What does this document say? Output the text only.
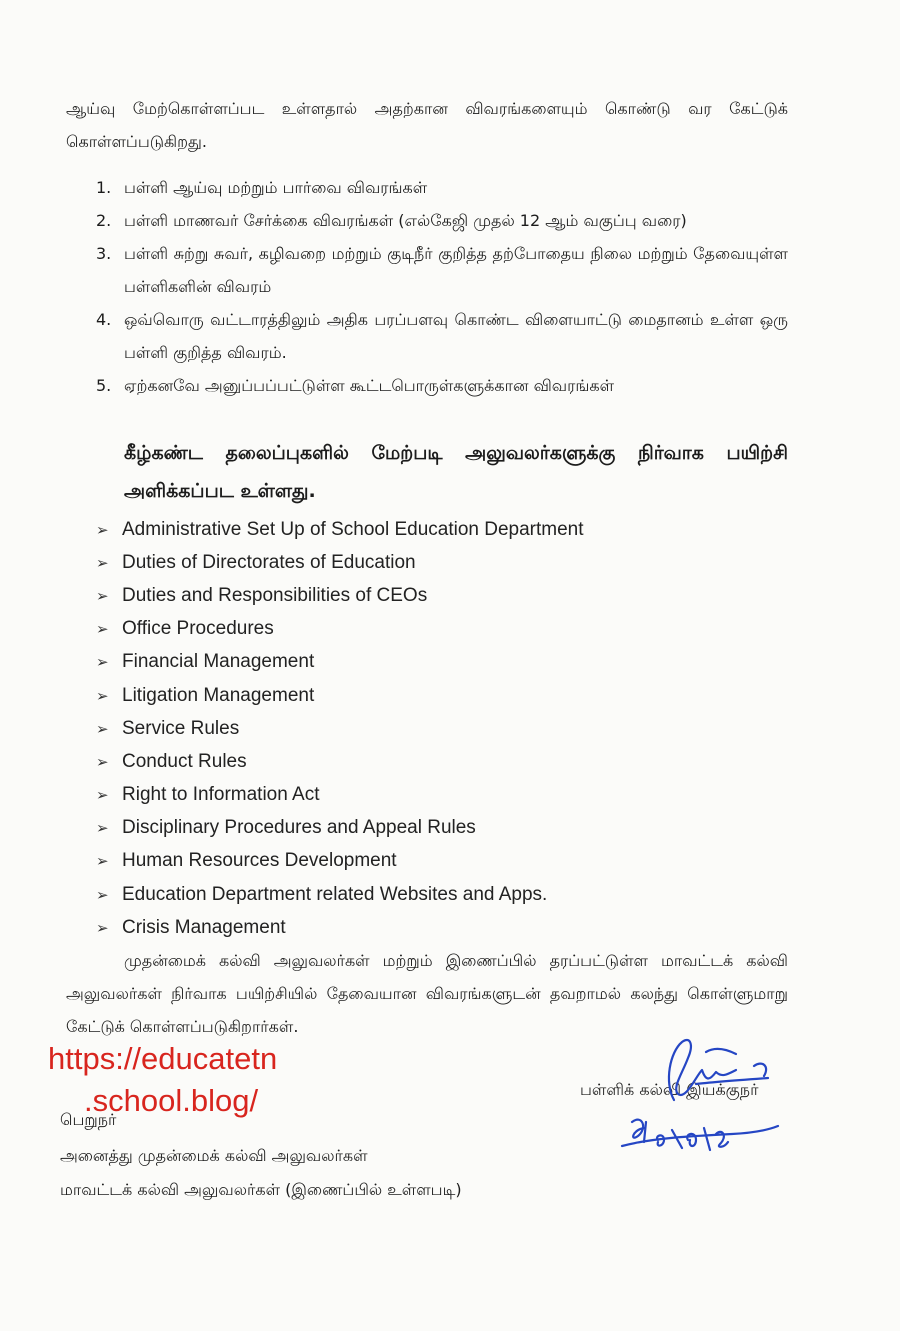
ஆய்வு மேற்கொள்ளப்பட உள்ளதால் அதற்கான விவரங்களையும் கொண்டு வர கேட்டுக் கொள்ளப்படுகிறது.
1. பள்ளி ஆய்வு மற்றும் பார்வை விவரங்கள்
2. பள்ளி மாணவர் சேர்க்கை விவரங்கள் (எல்கேஜி முதல் 12 ஆம் வகுப்பு வரை)
3. பள்ளி சுற்று சுவர், கழிவறை மற்றும் குடிநீர் குறித்த தற்போதைய நிலை மற்றும் தேவையுள்ள பள்ளிகளின் விவரம்
4. ஒவ்வொரு வட்டாரத்திலும் அதிக பரப்பளவு கொண்ட விளையாட்டு மைதானம் உள்ள ஒரு பள்ளி குறித்த விவரம்.
5. ஏற்கனவே அனுப்பப்பட்டுள்ள கூட்டபொருள்களுக்கான விவரங்கள்
கீழ்கண்ட தலைப்புகளில் மேற்படி அலுவலர்களுக்கு நிர்வாக பயிற்சி அளிக்கப்பட உள்ளது.
➢ Administrative Set Up of School Education Department
➢ Duties of Directorates of Education
➢ Duties and Responsibilities of CEOs
➢ Office Procedures
➢ Financial Management
➢ Litigation Management
➢ Service Rules
➢ Conduct Rules
➢ Right to Information Act
➢ Disciplinary Procedures and Appeal Rules
➢ Human Resources Development
➢ Education Department related Websites and Apps.
➢ Crisis Management
முதன்மைக் கல்வி அலுவலர்கள் மற்றும் இணைப்பில் தரப்பட்டுள்ள மாவட்டக் கல்வி அலுவலர்கள் நிர்வாக பயிற்சியில் தேவையான விவரங்களுடன் தவறாமல் கலந்து கொள்ளுமாறு கேட்டுக் கொள்ளப்படுகிறார்கள்.
https://educatetn
.school.blog/	பள்ளிக் கல்வி இயக்குநர்
பெறுநர்
அனைத்து முதன்மைக் கல்வி அலுவலர்கள்
மாவட்டக் கல்வி அலுவலர்கள் (இணைப்பில் உள்ளபடி)
